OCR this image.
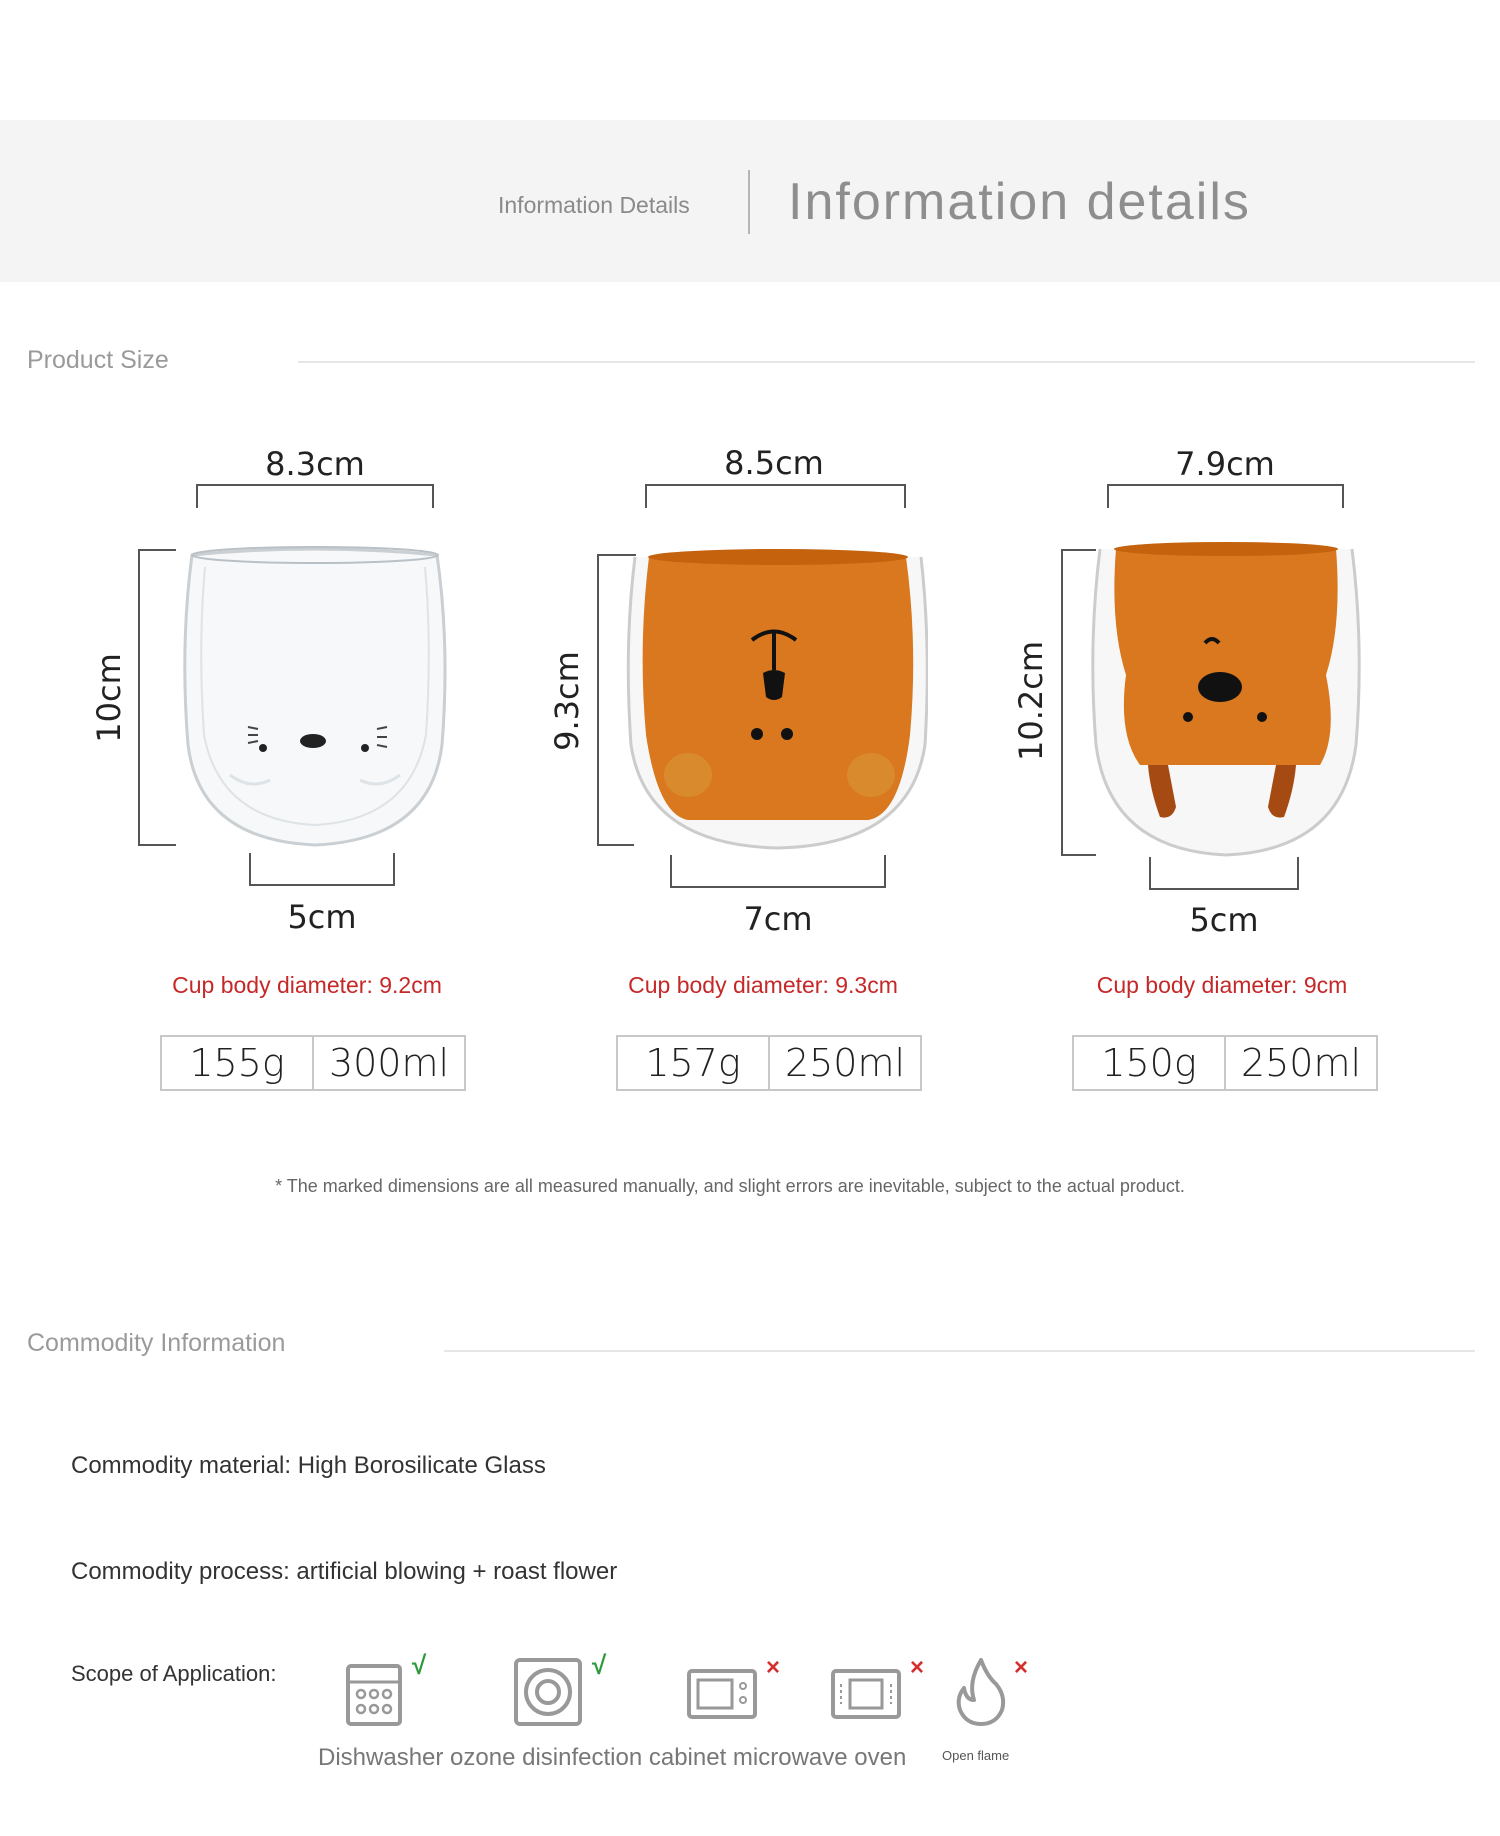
Information Details Information details
Product Size
8.3cm
10cm
5cm
8.5cm
9.3cm
7cm
7.9cm
10.2cm
5cm
Cup body diameter: 9.2cm	Cup body diameter: 9.3cm	Cup body diameter: 9cm
155g	300ml	157g	250ml	150g	250ml
* The marked dimensions are all measured manually, and slight errors are inevitable, subject to the actual product.
Commodity Information
Commodity material: High Borosilicate Glass
Commodity process: artificial blowing + roast flower
Scope of Application:	√	√	×	×	×
Dishwasher ozone disinfection cabinet microwave oven	Open flame
